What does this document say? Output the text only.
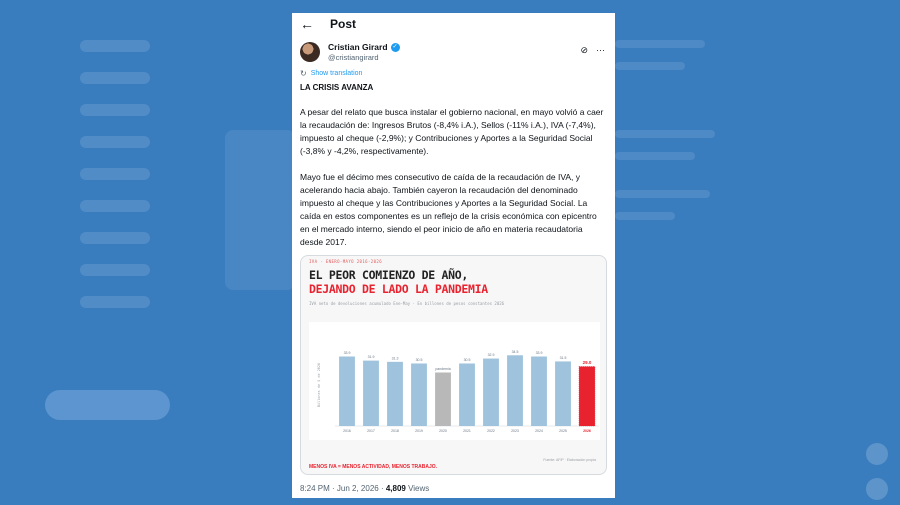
←	Post
Cristian Girard ✓
@cristiangirard
⊘ ···
↻ Show translation
LA CRISIS AVANZA
A pesar del relato que busca instalar el gobierno nacional, en mayo volvió a caer la recaudación de: Ingresos Brutos (-8,4% i.A.), Sellos (-11% i.A.), IVA (-7,4%), impuesto al cheque (-2,9%); y Contribuciones y Aportes a la Seguridad Social (-3,8% y -4,2%, respectivamente).
Mayo fue el décimo mes consecutivo de caída de la recaudación de IVA, y acelerando hacia abajo. También cayeron la recaudación del denominado impuesto al cheque y las Contribuciones y Aportes a la Seguridad Social. La caída en estos componentes es un reflejo de la crisis económica con epicentro en el mercado interno, siendo el peor inicio de año en materia recaudatoria desde 2017.
Billones de $ de 2026
33.9
2016
31.9
2017
31.3
2018
30.5
2019
pandemia
2020
30.5
2021
32.9
2022
34.5
2023
33.9
2024
31.5
2025
29.0
2026
IVA · ENERO-MAYO 2016-2026
EL PEOR COMIENZO DE AÑO,
DEJANDO DE LADO LA PANDEMIA
IVA neto de devoluciones acumulado Ene-May · En billones de pesos constantes 2026
MENOS IVA = MENOS ACTIVIDAD, MENOS TRABAJO.
Fuente: AFIP · Elaboración propia
8:24 PM · Jun 2, 2026 · 4,809 Views
